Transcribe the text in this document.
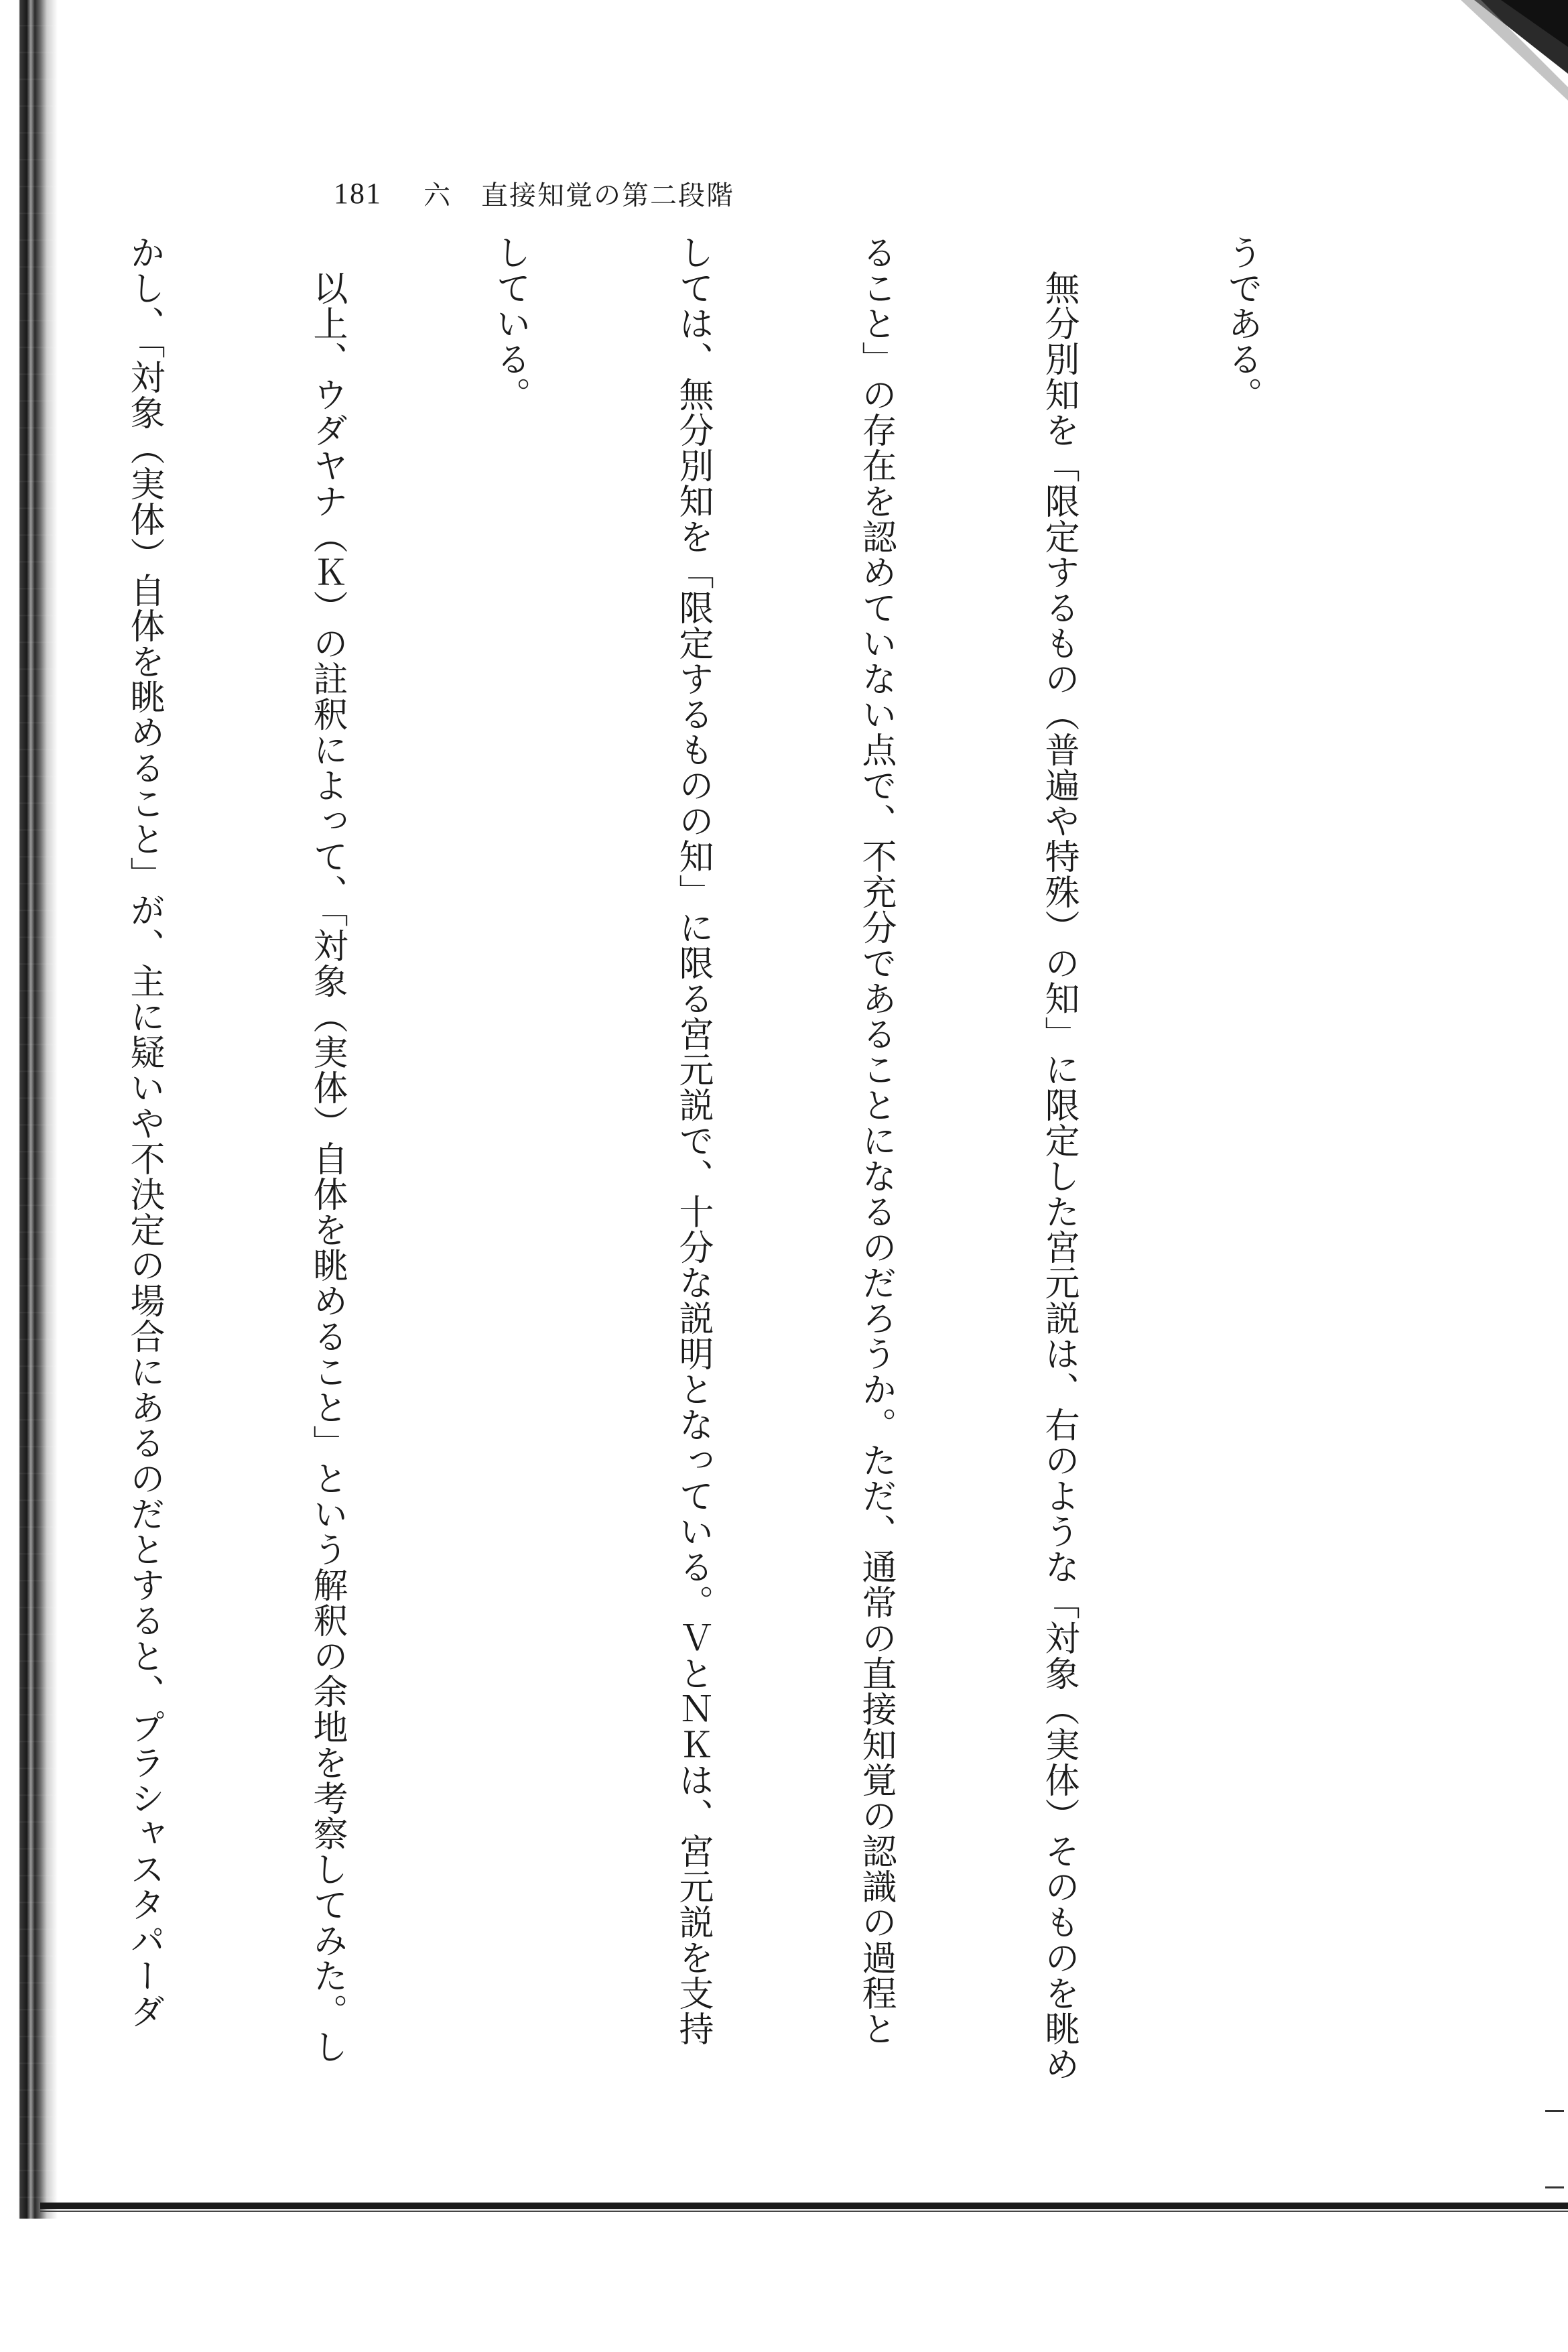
181 六 直接知覚の第二段階

うである。

　無分別知を「限定するもの（普遍や特殊）の知」に限定した宮元説は、右のような「対象（実体）そのものを眺め

ること」の存在を認めていない点で、不充分であることになるのだろうか。ただ、通常の直接知覚の認識の過程と

しては、無分別知を「限定するものの知」に限る宮元説で、十分な説明となっている。ＶとＮＫは、宮元説を支持

している。

　以上、ウダヤナ（Ｋ）の註釈によって、「対象（実体）自体を眺めること」という解釈の余地を考察してみた。し

かし、「対象（実体）自体を眺めること」が、主に疑いや不決定の場合にあるのだとすると、プラシャスタパーダ
